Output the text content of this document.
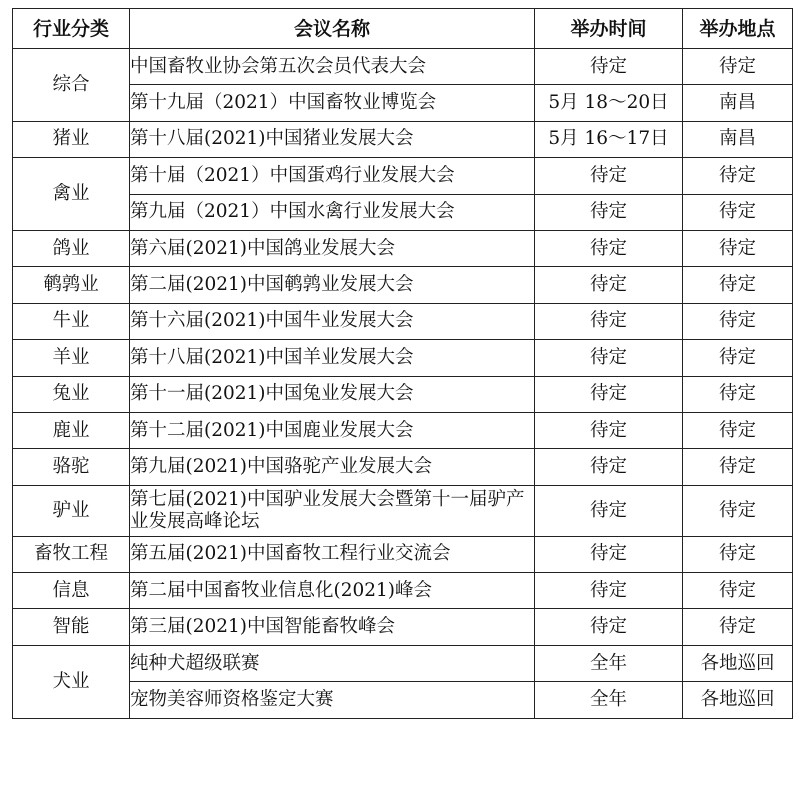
行业分类	会议名称	举办时间	举办地点
综合	中国畜牧业协会第五次会员代表大会	待定	待定
	第十九届（2021）中国畜牧业博览会	5月 18～20日	南昌
猪业	第十八届(2021)中国猪业发展大会	5月 16～17日	南昌
禽业	第十届（2021）中国蛋鸡行业发展大会	待定	待定
	第九届（2021）中国水禽行业发展大会	待定	待定
鸽业	第六届(2021)中国鸽业发展大会	待定	待定
鹌鹑业	第二届(2021)中国鹌鹑业发展大会	待定	待定
牛业	第十六届(2021)中国牛业发展大会	待定	待定
羊业	第十八届(2021)中国羊业发展大会	待定	待定
兔业	第十一届(2021)中国兔业发展大会	待定	待定
鹿业	第十二届(2021)中国鹿业发展大会	待定	待定
骆驼	第九届(2021)中国骆驼产业发展大会	待定	待定
驴业	第七届(2021)中国驴业发展大会暨第十一届驴产业发展高峰论坛	待定	待定
畜牧工程	第五届(2021)中国畜牧工程行业交流会	待定	待定
信息	第二届中国畜牧业信息化(2021)峰会	待定	待定
智能	第三届(2021)中国智能畜牧峰会	待定	待定
犬业	纯种犬超级联赛	全年	各地巡回
	宠物美容师资格鉴定大赛	全年	各地巡回
